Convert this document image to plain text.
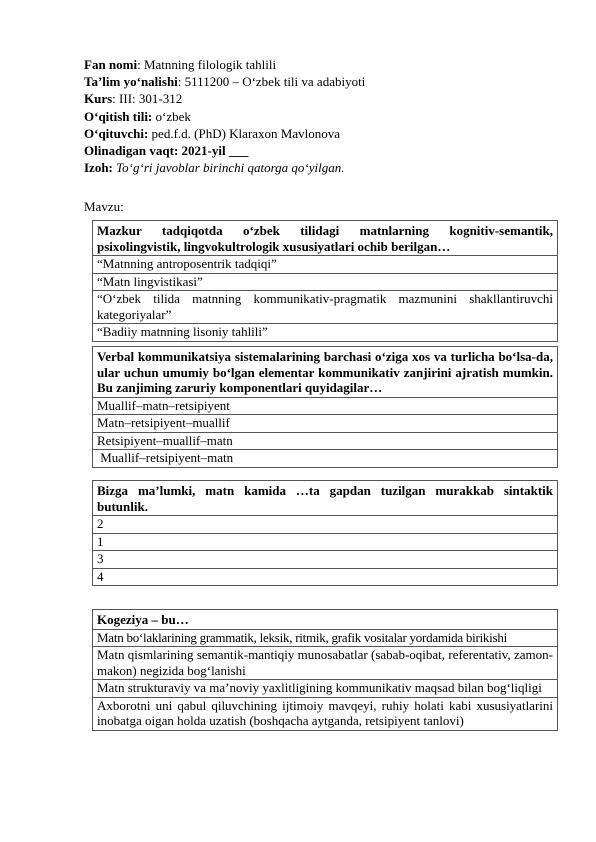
Fan nomi: Matnning filologik tahlili
Ta’lim yo‘nalishi: 5111200 – O‘zbek tili va adabiyoti
Kurs: III: 301-312
O‘qitish tili: o‘zbek
O‘qituvchi: ped.f.d. (PhD) Klaraxon Mavlonova
Olinadigan vaqt: 2021-yil ___
Izoh: To‘g‘ri javoblar birinchi qatorga qo‘yilgan.
Mavzu:
Mazkur tadqiqotda o‘zbek tilidagi matnlarning kognitiv-semantik, psixolingvistik, lingvokultrologik xususiyatlari ochib berilgan…
“Matnning antroposentrik tadqiqi”
“Matn lingvistikasi”
“O‘zbek tilida matnning kommunikativ-pragmatik mazmunini shakllantiruvchi kategoriyalar”
“Badiiy matnning lisoniy tahlili”
Verbal kommunikatsiya sistemalarining barchasi o‘ziga xos va turlicha bo‘lsa-da, ular uchun umumiy bo‘lgan elementar kommunikativ zanjirini ajratish mumkin. Bu zanjiming zaruriy komponentlari quyidagilar…
Muallif–matn–retsipiyent
Matn–retsipiyent–muallif
Retsipiyent–muallif–matn
Muallif–retsipiyent–matn
Bizga ma’lumki, matn kamida …ta gapdan tuzilgan murakkab sintaktik butunlik.
2
1
3
4
Kogeziya – bu…
Matn bo‘laklarining grammatik, leksik, ritmik, grafik vositalar yordamida birikishi
Matn qismlarining semantik-mantiqiy munosabatlar (sabab-oqibat, referentativ, zamon-makon) negizida bog‘lanishi
Matn strukturaviy va ma’noviy yaxlitligining kommunikativ maqsad bilan bog‘liqligi
Axborotni uni qabul qiluvchining ijtimoiy mavqeyi, ruhiy holati kabi xususiyatlarini inobatga oigan holda uzatish (boshqacha aytganda, retsipiyent tanlovi)
